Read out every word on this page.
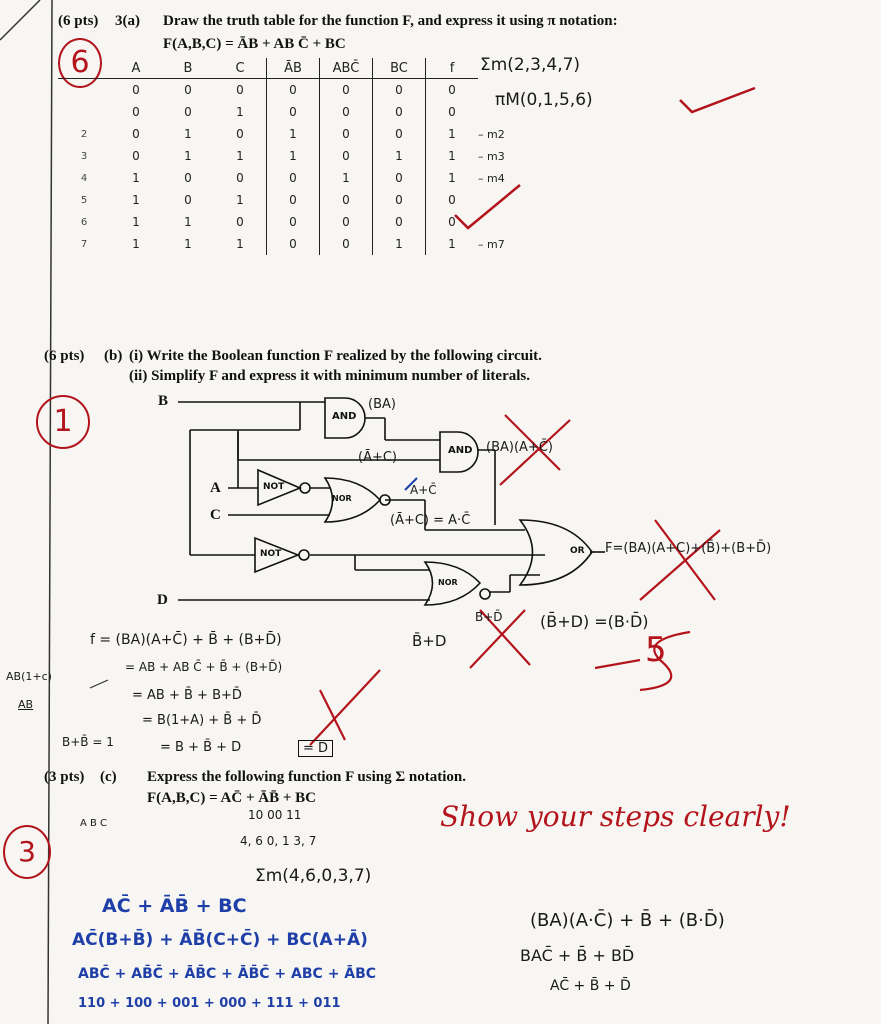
(6 pts) 3(a) Draw the truth table for the function F, and express it using π notation:
F(A,B,C) = ĀB + AB C̄ + BC
6
		A	B	C	ĀB	ABC̄	BC	f	
	0	0	0	0	0	0	0	
	0	0	1	0	0	0	0	
2	0	1	0	1	0	0	1	– m2
3	0	1	1	1	0	1	1	– m3
4	1	0	0	0	1	0	1	– m4
5	1	0	1	0	0	0	0	
6	1	1	0	0	0	0	0	
7	1	1	1	0	0	1	1	– m7
Σm(2,3,4,7)
πM(0,1,5,6)
(6 pts) (b) (i) Write the Boolean function F realized by the following circuit.
(ii) Simplify F and express it with minimum number of literals.
1
B
A
C
D
AND
AND
NOT
NOR
NOT
NOR
OR
(BA)
(Ā+C)
(BA)(A+C̄)
A+C̄
(Ā+C) = A·C̄
F=(BA)(A+C)+(B̄)+(B+D̄)
B+D̄ (B̄+D) =(B·D̄)
B̄+D
f = (BA)(A+C̄) + B̄ + (B+D̄)
= AB + AB C̄ + B̄ + (B+D̄)
= AB + B̄ + B+D̄
= B(1+A) + B̄ + D̄
= B + B̄ + D	= D
AB(1+c)
AB
B+B̄ = 1
5
(3 pts) (c) Express the following function F using Σ notation.
F(A,B,C) = AC̄ + ĀB̄ + BC
3
A B C
10 00 11
4, 6 0, 1 3, 7
Σm(4,6,0,3,7)
Show your steps clearly!
AC̄ + ĀB̄ + BC
AC̄(B+B̄) + ĀB̄(C+C̄) + BC(A+Ā)
ABC̄ + AB̄C̄ + ĀB̄C + ĀB̄C̄ + ABC + ĀBC
110 + 100 + 001 + 000 + 111 + 011
(BA)(A·C̄) + B̄ + (B·D̄)
BAC̄ + B̄ + BD̄
AC̄ + B̄ + D̄
